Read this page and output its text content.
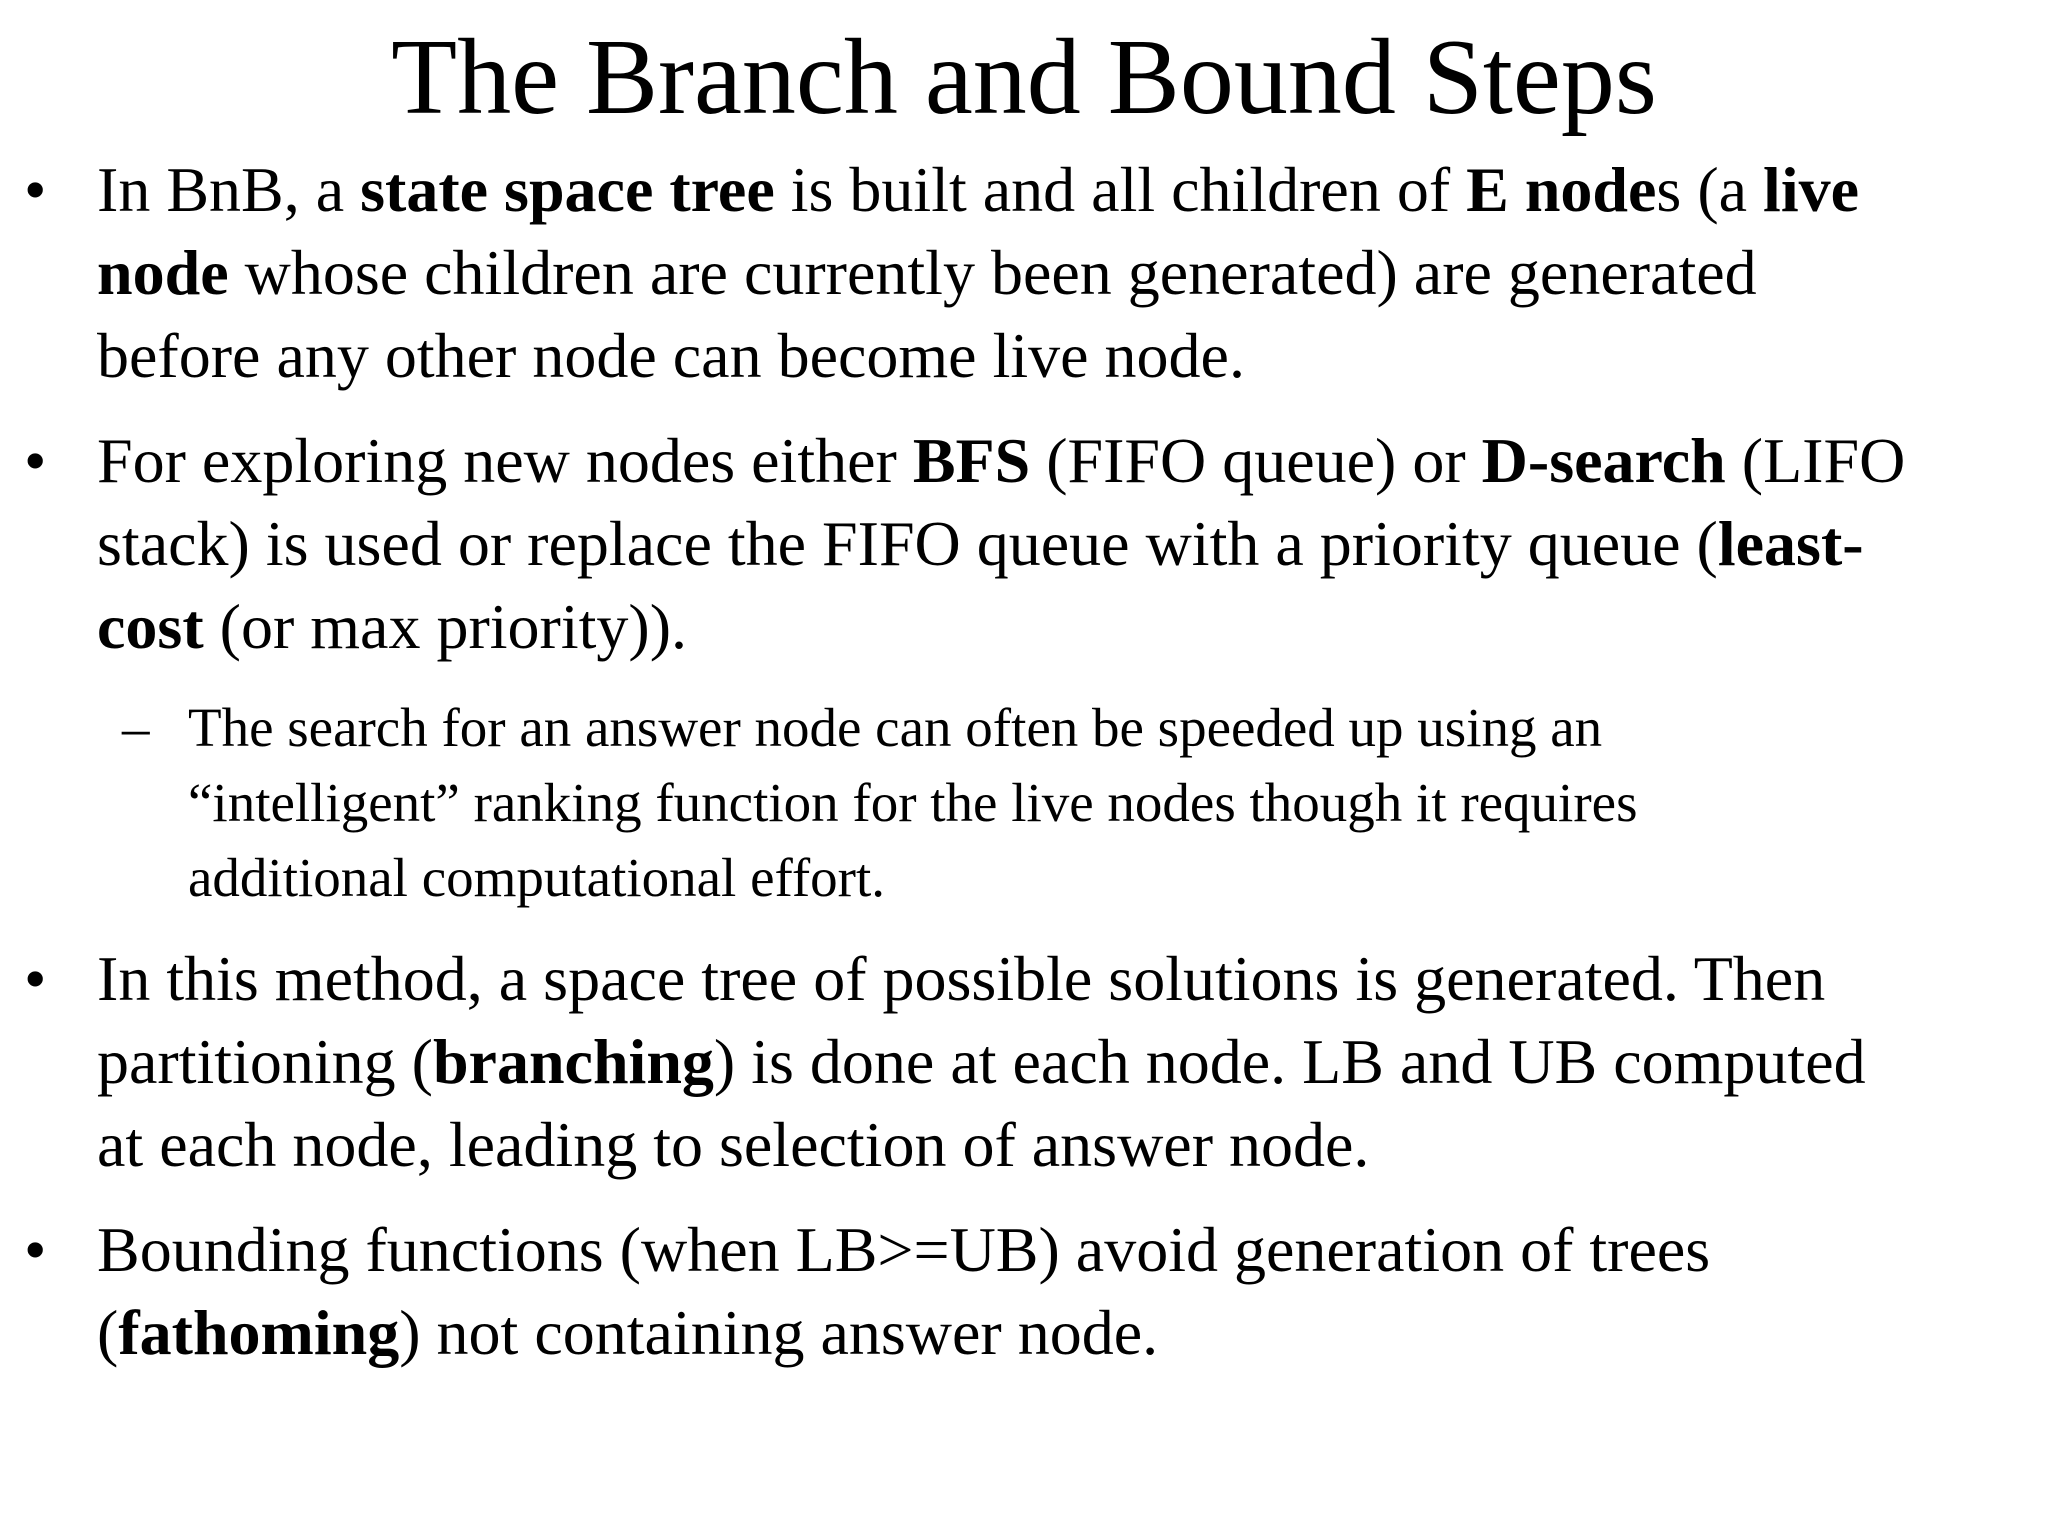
The Branch and Bound Steps
• In BnB, a state space tree is built and all children of E nodes (a live
node whose children are currently been generated) are generated
before any other node can become live node.
• For exploring new nodes either BFS (FIFO queue) or D-search (LIFO
stack) is used or replace the FIFO queue with a priority queue (least-
cost (or max priority)).
– The search for an answer node can often be speeded up using an
“intelligent” ranking function for the live nodes though it requires
additional computational effort.
• In this method, a space tree of possible solutions is generated. Then
partitioning (branching) is done at each node. LB and UB computed
at each node, leading to selection of answer node.
• Bounding functions (when LB>=UB) avoid generation of trees
(fathoming) not containing answer node.
